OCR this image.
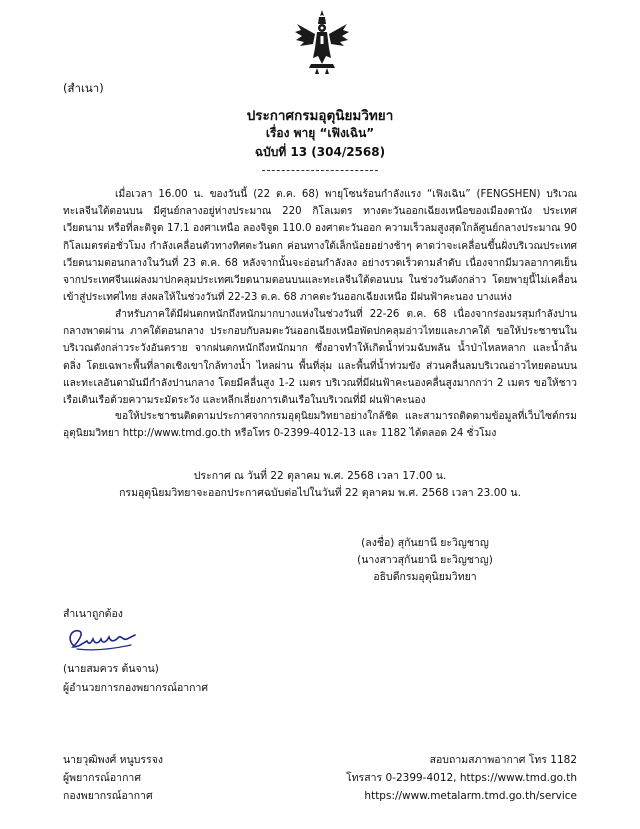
(สำเนา)
ประกาศกรมอุตุนิยมวิทยา
เรื่อง พายุ “เฟิงเฉิน”
ฉบับที่ 13 (304/2568)

เมื่อเวลา 16.00 น. ของวันนี้ (22 ต.ค. 68) พายุโซนร้อนกำลังแรง “เฟิงเฉิน” (FENGSHEN) บริเวณทะเลจีนใต้ตอนบน มีศูนย์กลางอยู่ห่างประมาณ 220 กิโลเมตร ทางตะวันออกเฉียงเหนือของเมืองดานัง ประเทศเวียดนาม หรือที่ละติจูด 17.1 องศาเหนือ ลองจิจูด 110.0 องศาตะวันออก ความเร็วลมสูงสุดใกล้ศูนย์กลางประมาณ 90 กิโลเมตรต่อชั่วโมง กำลังเคลื่อนตัวทางทิศตะวันตก ค่อนทางใต้เล็กน้อยอย่างช้าๆ คาดว่าจะเคลื่อนขึ้นฝั่งบริเวณประเทศเวียดนามตอนกลางในวันที่ 23 ต.ค. 68 หลังจากนั้นจะอ่อนกำลังลง อย่างรวดเร็วตามลำดับ เนื่องจากมีมวลอากาศเย็นจากประเทศจีนแผ่ลงมาปกคลุมประเทศเวียดนามตอนบนและทะเลจีนใต้ตอนบน ในช่วงวันดังกล่าว โดยพายุนี้ไม่เคลื่อนเข้าสู่ประเทศไทย ส่งผลให้ในช่วงวันที่ 22-23 ต.ค. 68 ภาคตะวันออกเฉียงเหนือ มีฝนฟ้าคะนอง บางแห่ง

สำหรับภาคใต้มีฝนตกหนักถึงหนักมากบางแห่งในช่วงวันที่ 22-26 ต.ค. 68 เนื่องจากร่องมรสุมกำลังปานกลางพาดผ่าน ภาคใต้ตอนกลาง ประกอบกับลมตะวันออกเฉียงเหนือพัดปกคลุมอ่าวไทยและภาคใต้ ขอให้ประชาชนในบริเวณดังกล่าวระวังอันตราย จากฝนตกหนักถึงหนักมาก ซึ่งอาจทำให้เกิดน้ำท่วมฉับพลัน น้ำป่าไหลหลาก และน้ำล้นตลิ่ง โดยเฉพาะพื้นที่ลาดเชิงเขาใกล้ทางน้ำ ไหลผ่าน พื้นที่ลุ่ม และพื้นที่น้ำท่วมขัง ส่วนคลื่นลมบริเวณอ่าวไทยตอนบนและทะเลอันดามันมีกำลังปานกลาง โดยมีคลื่นสูง 1-2 เมตร บริเวณที่มีฝนฟ้าคะนองคลื่นสูงมากกว่า 2 เมตร ขอให้ชาวเรือเดินเรือด้วยความระมัดระวัง และหลีกเลี่ยงการเดินเรือในบริเวณที่มี ฝนฟ้าคะนอง

ขอให้ประชาชนติดตามประกาศจากกรมอุตุนิยมวิทยาอย่างใกล้ชิด และสามารถติดตามข้อมูลที่เว็บไซต์กรมอุตุนิยมวิทยา http://www.tmd.go.th หรือโทร 0-2399-4012-13 และ 1182 ได้ตลอด 24 ชั่วโมง

ประกาศ ณ วันที่ 22 ตุลาคม พ.ศ. 2568 เวลา 17.00 น.
กรมอุตุนิยมวิทยาจะออกประกาศฉบับต่อไปในวันที่ 22 ตุลาคม พ.ศ. 2568 เวลา 23.00 น.
(ลงชื่อ) สุกันยานี ยะวิญชาญ
(นางสาวสุกันยานี ยะวิญชาญ)
อธิบดีกรมอุตุนิยมวิทยา
สำเนาถูกต้อง
(นายสมควร ต้นจาน)
ผู้อำนวยการกองพยากรณ์อากาศ
นายวุฒิพงศ์ หนูบรรจง
ผู้พยากรณ์อากาศ
กองพยากรณ์อากาศ
สอบถามสภาพอากาศ โทร 1182
โทรสาร 0-2399-4012, https://www.tmd.go.th
https://www.metalarm.tmd.go.th/service
